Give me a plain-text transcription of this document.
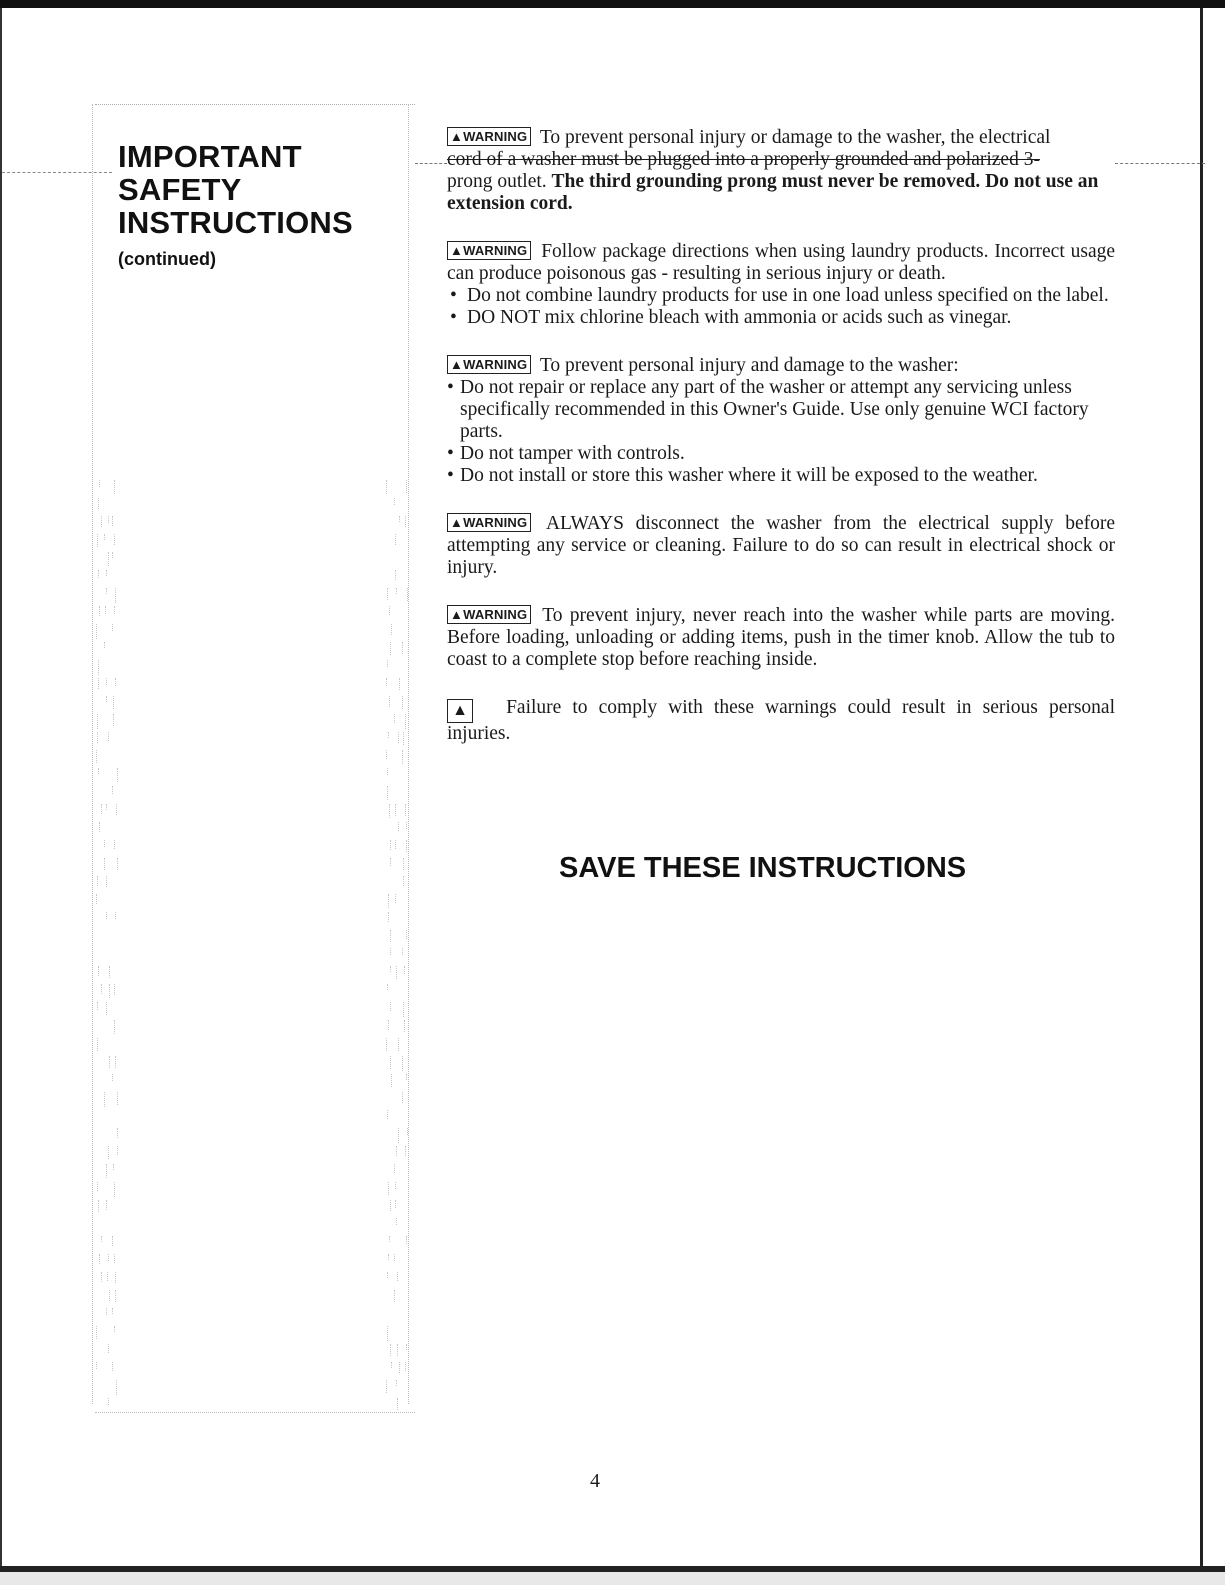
IMPORTANT
SAFETY
INSTRUCTIONS
(continued)
▲WARNING To prevent personal injury or damage to the washer, the electrical
cord of a washer must be plugged into a properly grounded and polarized 3-
prong outlet. The third grounding prong must never be removed. Do not use an extension cord.
▲WARNING Follow package directions when using laundry products. Incorrect usage can produce poisonous gas - resulting in serious injury or death.
• Do not combine laundry products for use in one load unless specified on the label.
• DO NOT mix chlorine bleach with ammonia or acids such as vinegar.
▲WARNING To prevent personal injury and damage to the washer:
• Do not repair or replace any part of the washer or attempt any servicing unless specifically recommended in this Owner's Guide. Use only genuine WCI factory parts.
• Do not tamper with controls.
• Do not install or store this washer where it will be exposed to the weather.
▲WARNING ALWAYS disconnect the washer from the electrical supply before attempting any service or cleaning. Failure to do so can result in electrical shock or injury.
▲WARNING To prevent injury, never reach into the washer while parts are moving. Before loading, unloading or adding items, push in the timer knob. Allow the tub to coast to a complete stop before reaching inside.
▲ Failure to comply with these warnings could result in serious personal injuries.
SAVE THESE INSTRUCTIONS
4
